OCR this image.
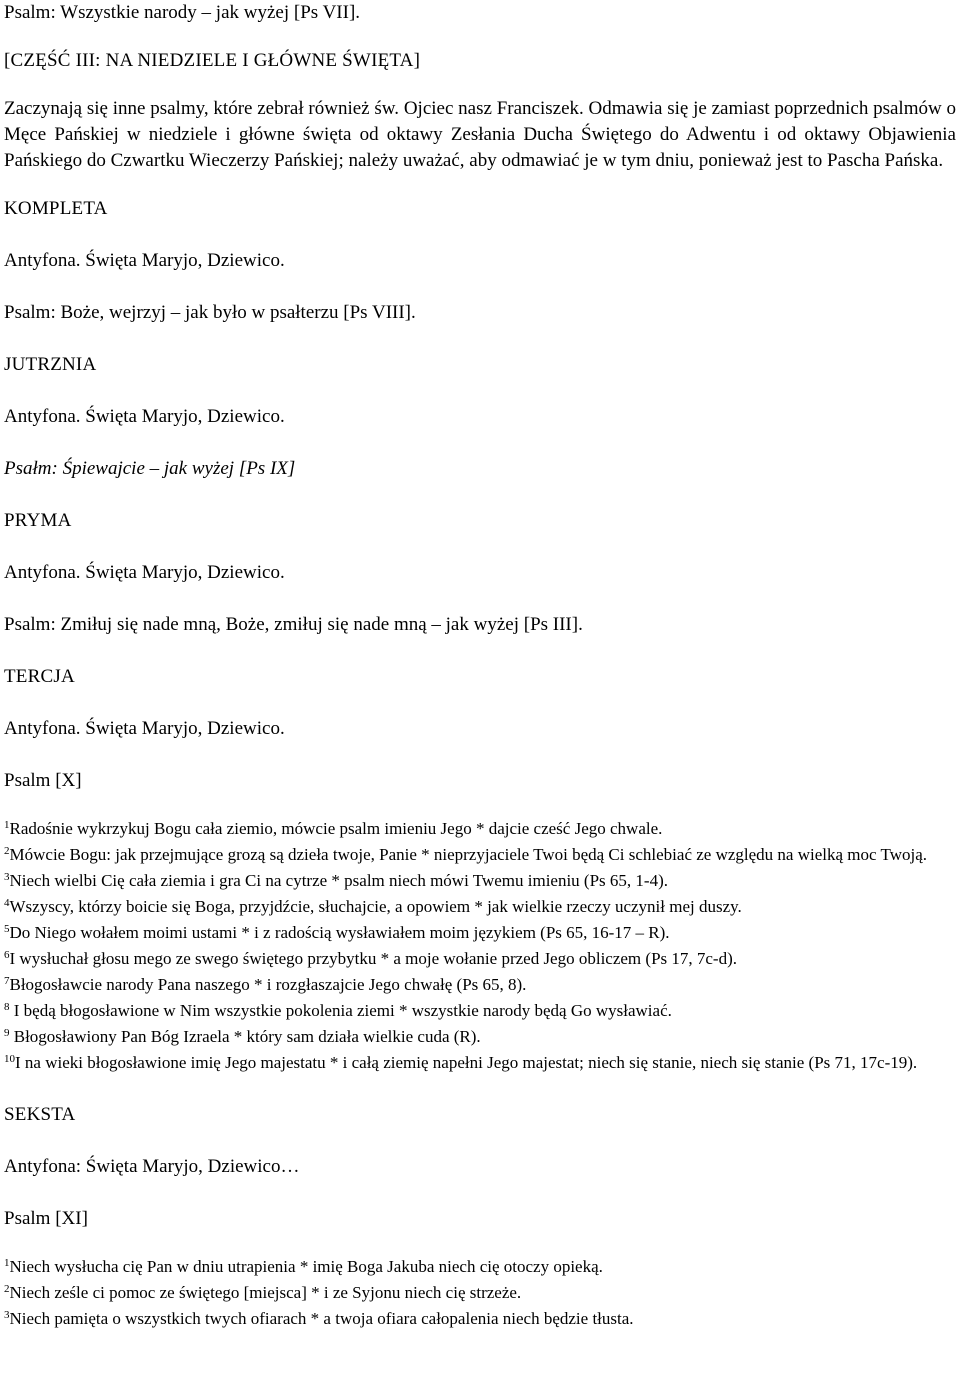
Psalm: Wszystkie narody – jak wyżej [Ps VII].

[CZĘŚĆ III: NA NIEDZIELE I GŁÓWNE ŚWIĘTA]

Zaczynają się inne psalmy, które zebrał również św. Ojciec nasz Franciszek. Odmawia się je zamiast poprzednich psalmów o Męce Pańskiej w niedziele i główne święta od oktawy Zesłania Ducha Świętego do Adwentu i od oktawy Objawienia Pańskiego do Czwartku Wieczerzy Pańskiej; należy uważać, aby odmawiać je w tym dniu, ponieważ jest to Pascha Pańska.

KOMPLETA

Antyfona. Święta Maryjo, Dziewico.

Psalm: Boże, wejrzyj – jak było w psałterzu [Ps VIII].

JUTRZNIA

Antyfona. Święta Maryjo, Dziewico.

Psałm: Śpiewajcie – jak wyżej [Ps IX]

PRYMA

Antyfona. Święta Maryjo, Dziewico.

Psalm: Zmiłuj się nade mną, Boże, zmiłuj się nade mną – jak wyżej [Ps III].

TERCJA

Antyfona. Święta Maryjo, Dziewico.

Psalm [X]

$^1$Radośnie wykrzykuj Bogu cała ziemio, mówcie psalm imieniu Jego * dajcie cześć Jego chwale.

$^2$Mówcie Bogu: jak przejmujące grozą są dzieła twoje, Panie * nieprzyjaciele Twoi będą Ci schlebiać ze względu na wielką moc Twoją.

$^3$Niech wielbi Cię cała ziemia i gra Ci na cytrze * psalm niech mówi Twemu imieniu (Ps 65, 1-4).

$^4$Wszyscy, którzy boicie się Boga, przyjdźcie, słuchajcie, a opowiem * jak wielkie rzeczy uczynił mej duszy.

$^5$Do Niego wołałem moimi ustami * i z radością wysławiałem moim językiem (Ps 65, 16-17 – R).

$^6$I wysłuchał głosu mego ze swego świętego przybytku * a moje wołanie przed Jego obliczem (Ps 17, 7c-d).

$^7$Błogosławcie narody Pana naszego * i rozgłaszajcie Jego chwałę (Ps 65, 8).

$^8$ I będą błogosławione w Nim wszystkie pokolenia ziemi * wszystkie narody będą Go wysławiać.

$^9$ Błogosławiony Pan Bóg Izraela * który sam działa wielkie cuda (R).

$^{10}$I na wieki błogosławione imię Jego majestatu * i całą ziemię napełni Jego majestat; niech się stanie, niech się stanie (Ps 71, 17c-19).

SEKSTA

Antyfona: Święta Maryjo, Dziewico…

Psalm [XI]

$^1$Niech wysłucha cię Pan w dniu utrapienia * imię Boga Jakuba niech cię otoczy opieką.

$^2$Niech ześle ci pomoc ze świętego [miejsca] * i ze Syjonu niech cię strzeże.

$^3$Niech pamięta o wszystkich twych ofiarach * a twoja ofiara całopalenia niech będzie tłusta.
